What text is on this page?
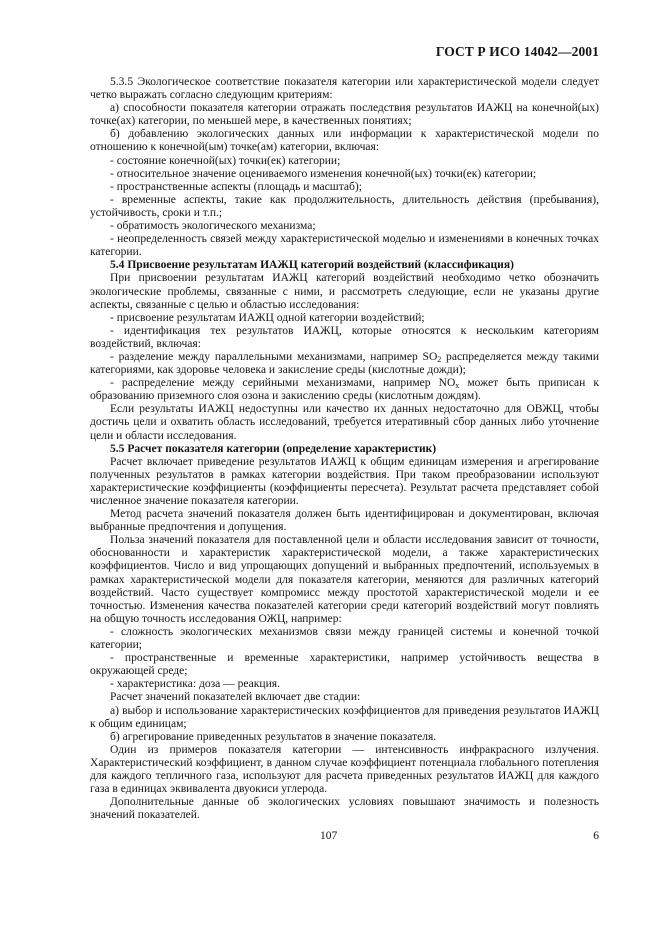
ГОСТ Р ИСО 14042—2001

5.3.5 Экологическое соответствие показателя категории или характеристической модели следует четко выражать согласно следующим критериям:

а) способности показателя категории отражать последствия результатов ИАЖЦ на конечной(ых) точке(ах) категории, по меньшей мере, в качественных понятиях;

б) добавлению экологических данных или информации к характеристической модели по отношению к конечной(ым) точке(ам) категории, включая:

- состояние конечной(ых) точки(ек) категории;

- относительное значение оцениваемого изменения конечной(ых) точки(ек) категории;

- пространственные аспекты (площадь и масштаб);

- временные аспекты, такие как продолжительность, длительность действия (пребывания), устойчивость, сроки и т.п.;

- обратимость экологического механизма;

- неопределенность связей между характеристической моделью и изменениями в конечных точках категории.

5.4 Присвоение результатам ИАЖЦ категорий воздействий (классификация)

При присвоении результатам ИАЖЦ категорий воздействий необходимо четко обозначить экологические проблемы, связанные с ними, и рассмотреть следующие, если не указаны другие аспекты, связанные с целью и областью исследования:

- присвоение результатам ИАЖЦ одной категории воздействий;

- идентификация тех результатов ИАЖЦ, которые относятся к нескольким категориям воздействий, включая:

- разделение между параллельными механизмами, например $SO_2$ распределяется между такими категориями, как здоровье человека и закисление среды (кислотные дожди);

- распределение между серийными механизмами, например $NO_x$ может быть приписан к образованию приземного слоя озона и закислению среды (кислотным дождям).

Если результаты ИАЖЦ недоступны или качество их данных недостаточно для ОВЖЦ, чтобы достичь цели и охватить область исследований, требуется итеративный сбор данных либо уточнение цели и области исследования.

5.5 Расчет показателя категории (определение характеристик)

Расчет включает приведение результатов ИАЖЦ к общим единицам измерения и агрегирование полученных результатов в рамках категории воздействия. При таком преобразовании используют характеристические коэффициенты (коэффициенты пересчета). Результат расчета представляет собой численное значение показателя категории.

Метод расчета значений показателя должен быть идентифицирован и документирован, включая выбранные предпочтения и допущения.

Польза значений показателя для поставленной цели и области исследования зависит от точности, обоснованности и характеристик характеристической модели, а также характеристических коэффициентов. Число и вид упрощающих допущений и выбранных предпочтений, используемых в рамках характеристической модели для показателя категории, меняются для различных категорий воздействий. Часто существует компромисс между простотой характеристической модели и ее точностью. Изменения качества показателей категории среди категорий воздействий могут повлиять на общую точность исследования ОЖЦ, например:

- сложность экологических механизмов связи между границей системы и конечной точкой категории;

- пространственные и временные характеристики, например устойчивость вещества в окружающей среде;

- характеристика: доза — реакция.

Расчет значений показателей включает две стадии:

а) выбор и использование характеристических коэффициентов для приведения результатов ИАЖЦ к общим единицам;

б) агрегирование приведенных результатов в значение показателя.

Один из примеров показателя категории — интенсивность инфракрасного излучения. Характеристический коэффициент, в данном случае коэффициент потенциала глобального потепления для каждого тепличного газа, используют для расчета приведенных результатов ИАЖЦ для каждого газа в единицах эквивалента двуокиси углерода.

Дополнительные данные об экологических условиях повышают значимость и полезность значений показателей.

107	6
